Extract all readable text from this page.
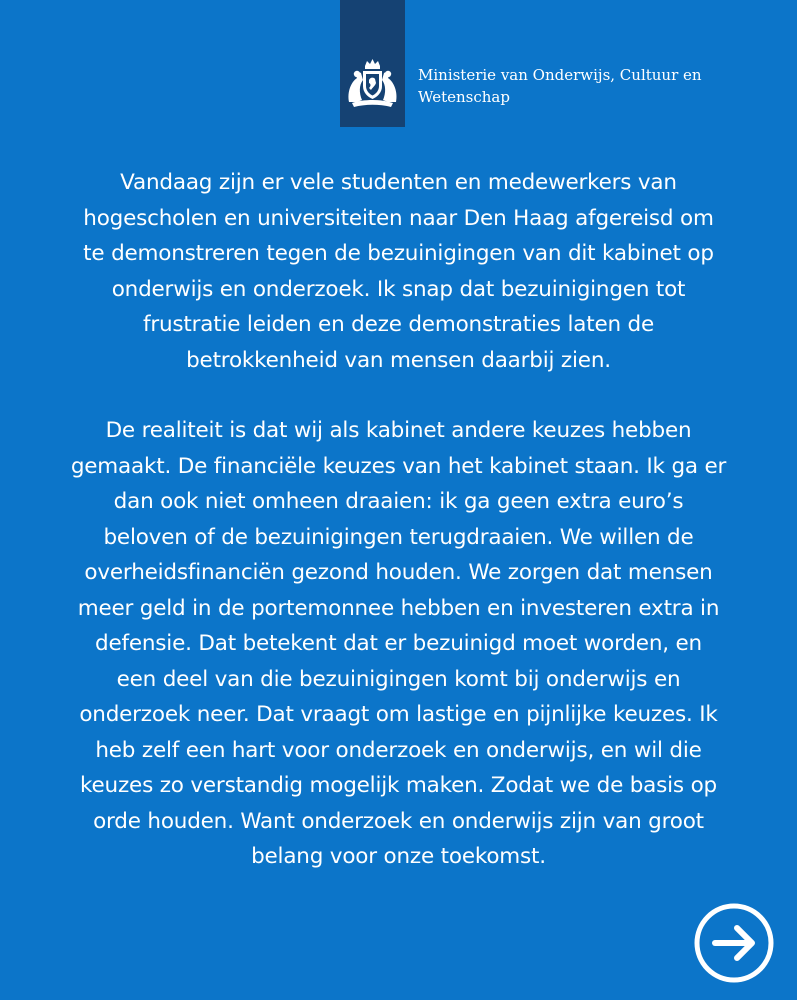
Ministerie van Onderwijs, Cultuur en
Wetenschap

Vandaag zijn er vele studenten en medewerkers van
hogescholen en universiteiten naar Den Haag afgereisd om
te demonstreren tegen de bezuinigingen van dit kabinet op
onderwijs en onderzoek. Ik snap dat bezuinigingen tot
frustratie leiden en deze demonstraties laten de
betrokkenheid van mensen daarbij zien.

De realiteit is dat wij als kabinet andere keuzes hebben
gemaakt. De financiële keuzes van het kabinet staan. Ik ga er
dan ook niet omheen draaien: ik ga geen extra euro’s
beloven of de bezuinigingen terugdraaien. We willen de
overheidsfinanciën gezond houden. We zorgen dat mensen
meer geld in de portemonnee hebben en investeren extra in
defensie. Dat betekent dat er bezuinigd moet worden, en
een deel van die bezuinigingen komt bij onderwijs en
onderzoek neer. Dat vraagt om lastige en pijnlijke keuzes. Ik
heb zelf een hart voor onderzoek en onderwijs, en wil die
keuzes zo verstandig mogelijk maken. Zodat we de basis op
orde houden. Want onderzoek en onderwijs zijn van groot
belang voor onze toekomst.
